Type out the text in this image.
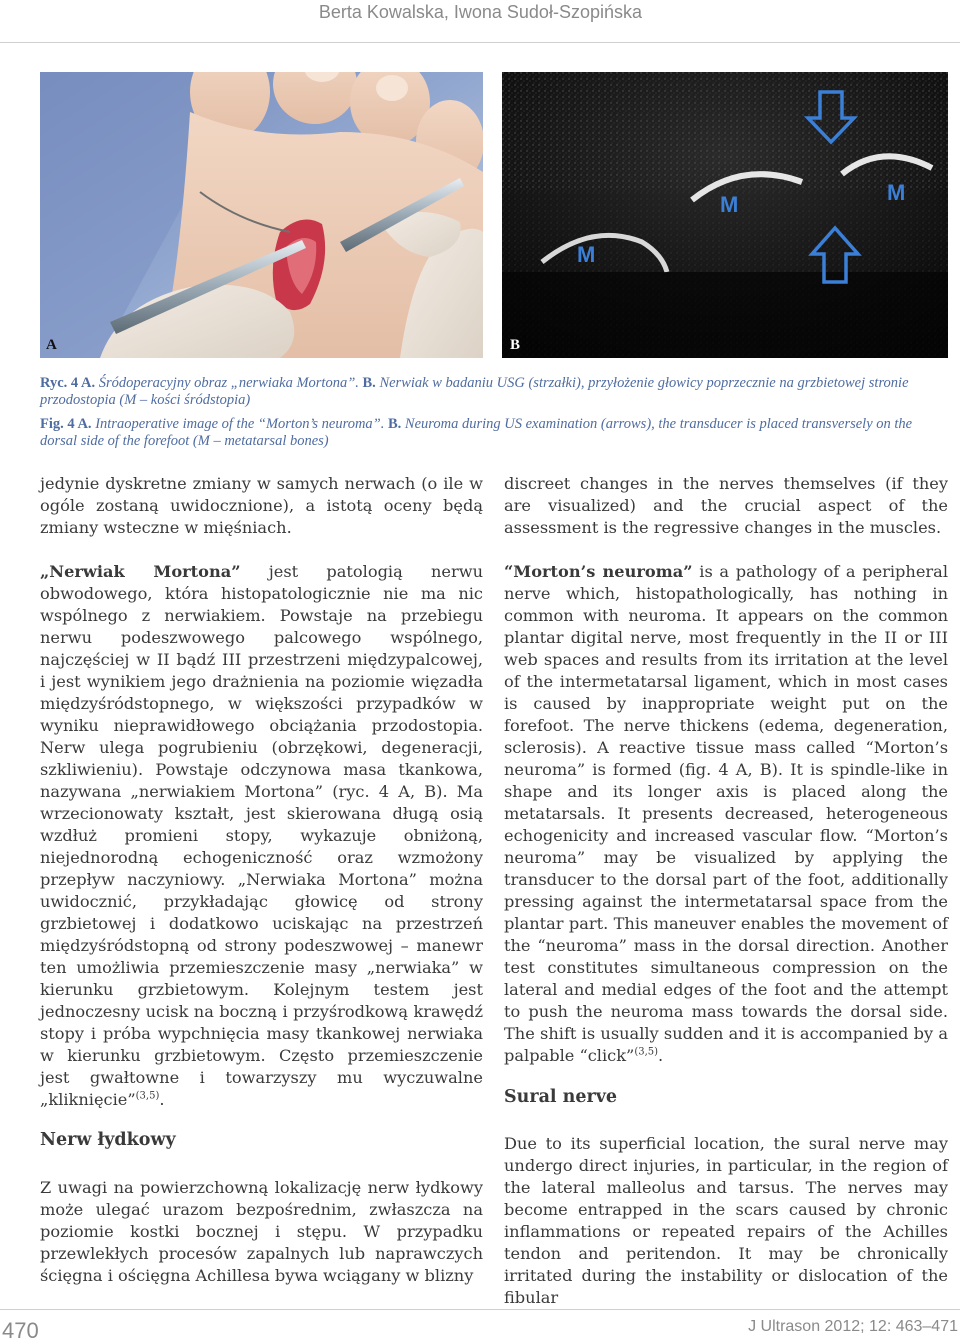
Berta Kowalska, Iwona Sudoł-Szopińska
A
M	M
M
B
Ryc. 4 A. Śródoperacyjny obraz „nerwiaka Mortona”. B. Nerwiak w badaniu USG (strzałki), przyłożenie głowicy poprzecznie na grzbietowej stronie przodostopia (M – kości śródstopia)
Fig. 4 A. Intraoperative image of the “Morton’s neuroma”. B. Neuroma during US examination (arrows), the transducer is placed transversely on the dorsal side of the forefoot (M – metatarsal bones)

jedynie dyskretne zmiany w samych nerwach (o ile w ogóle zostaną uwidocznione), a istotą oceny będą zmiany wsteczne w mięśniach.

„Nerwiak Mortona” jest patologią nerwu obwodowego, która histopatologicznie nie ma nic wspólnego z nerwiakiem. Powstaje na przebiegu nerwu podeszwowego palcowego wspólnego, najczęściej w II bądź III przestrzeni międzypalcowej, i jest wynikiem jego drażnienia na poziomie więzadła międzyśródstopnego, w większości przypadków w wyniku nieprawidłowego obciążania przodostopia. Nerw ulega pogrubieniu (obrzękowi, degeneracji, szkliwieniu). Powstaje odczynowa masa tkankowa, nazywana „nerwiakiem Mortona” (ryc. 4 A, B). Ma wrzecionowaty kształt, jest skierowana długą osią wzdłuż promieni stopy, wykazuje obniżoną, niejednorodną echogeniczność oraz wzmożony przepływ naczyniowy. „Nerwiaka Mortona” można uwidocznić, przykładając głowicę od strony grzbietowej i dodatkowo uciskając na przestrzeń międzyśródstopną od strony podeszwowej – manewr ten umożliwia przemieszczenie masy „nerwiaka” w kierunku grzbietowym. Kolejnym testem jest jednoczesny ucisk na boczną i przyśrodkową krawędź stopy i próba wypchnięcia masy tkankowej nerwiaka w kierunku grzbietowym. Często przemieszczenie jest gwałtowne i towarzyszy mu wyczuwalne „kliknięcie”$^{(3,5)}$.

Nerw łydkowy

Z uwagi na powierzchowną lokalizację nerw łydkowy może ulegać urazom bezpośrednim, zwłaszcza na poziomie kostki bocznej i stępu. W przypadku przewlekłych procesów zapalnych lub naprawczych ścięgna i ościęgna Achillesa bywa wciągany w blizny

discreet changes in the nerves themselves (if they are visualized) and the crucial aspect of the assessment is the regressive changes in the muscles.

“Morton’s neuroma” is a pathology of a peripheral nerve which, histopathologically, has nothing in common with neuroma. It appears on the common plantar digital nerve, most frequently in the II or III web spaces and results from its irritation at the level of the intermetatarsal ligament, which in most cases is caused by inappropriate weight put on the forefoot. The nerve thickens (edema, degeneration, sclerosis). A reactive tissue mass called “Morton’s neuroma” is formed (fig. 4 A, B). It is spindle-like in shape and its longer axis is placed along the metatarsals. It presents decreased, heterogeneous echogenicity and increased vascular flow. “Morton’s neuroma” may be visualized by applying the transducer to the dorsal part of the foot, additionally pressing against the intermetatarsal space from the plantar part. This maneuver enables the movement of the “neuroma” mass in the dorsal direction. Another test constitutes simultaneous compression on the lateral and medial edges of the foot and the attempt to push the neuroma mass towards the dorsal side. The shift is usually sudden and it is accompanied by a palpable “click”$^{(3,5)}$.

Sural nerve

Due to its superficial location, the sural nerve may undergo direct injuries, in particular, in the region of the lateral malleolus and tarsus. The nerves may become entrapped in the scars caused by chronic inflammations or repeated repairs of the Achilles tendon and peritendon. It may be chronically irritated during the instability or dislocation of the fibular

470	J Ultrason 2012; 12: 463–471
